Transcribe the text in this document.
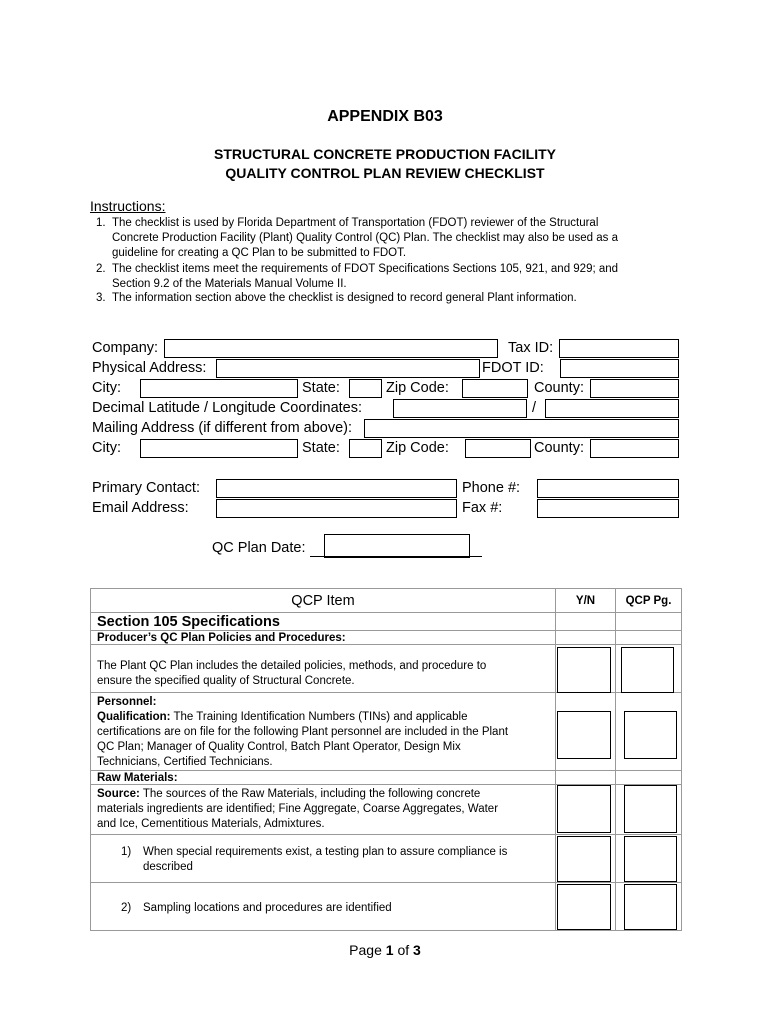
APPENDIX B03
STRUCTURAL CONCRETE PRODUCTION FACILITY
QUALITY CONTROL PLAN REVIEW CHECKLIST
Instructions:
1. The checklist is used by Florida Department of Transportation (FDOT) reviewer of the Structural
Concrete Production Facility (Plant) Quality Control (QC) Plan. The checklist may also be used as a
guideline for creating a QC Plan to be submitted to FDOT.
2. The checklist items meet the requirements of FDOT Specifications Sections 105, 921, and 929; and
Section 9.2 of the Materials Manual Volume II.
3. The information section above the checklist is designed to record general Plant information.
Company:	Tax ID:
Physical Address:	FDOT ID:
City:	State:	Zip Code:	County:
Decimal Latitude / Longitude Coordinates:	/
Mailing Address (if different from above):
City:	State:	Zip Code:	County:
Primary Contact:	Phone #:
Email Address:	Fax #:
QC Plan Date:
QCP Item	Y/N	QCP Pg.
Section 105 Specifications		
Producer’s QC Plan Policies and Procedures:		

The Plant QC Plan includes the detailed policies, methods, and procedure to
ensure the specified quality of Structural Concrete.		

Personnel:
Qualification: The Training Identification Numbers (TINs) and applicable
certifications are on file for the following Plant personnel are included in the Plant
QC Plan; Manager of Quality Control, Batch Plant Operator, Design Mix
Technicians, Certified Technicians.		

Raw Materials:		

Source: The sources of the Raw Materials, including the following concrete
materials ingredients are identified; Fine Aggregate, Coarse Aggregates, Water
and Ice, Cementitious Materials, Admixtures.		

1) When special requirements exist, a testing plan to assure compliance is
described		

2) Sampling locations and procedures are identified		

Page 1 of 3
